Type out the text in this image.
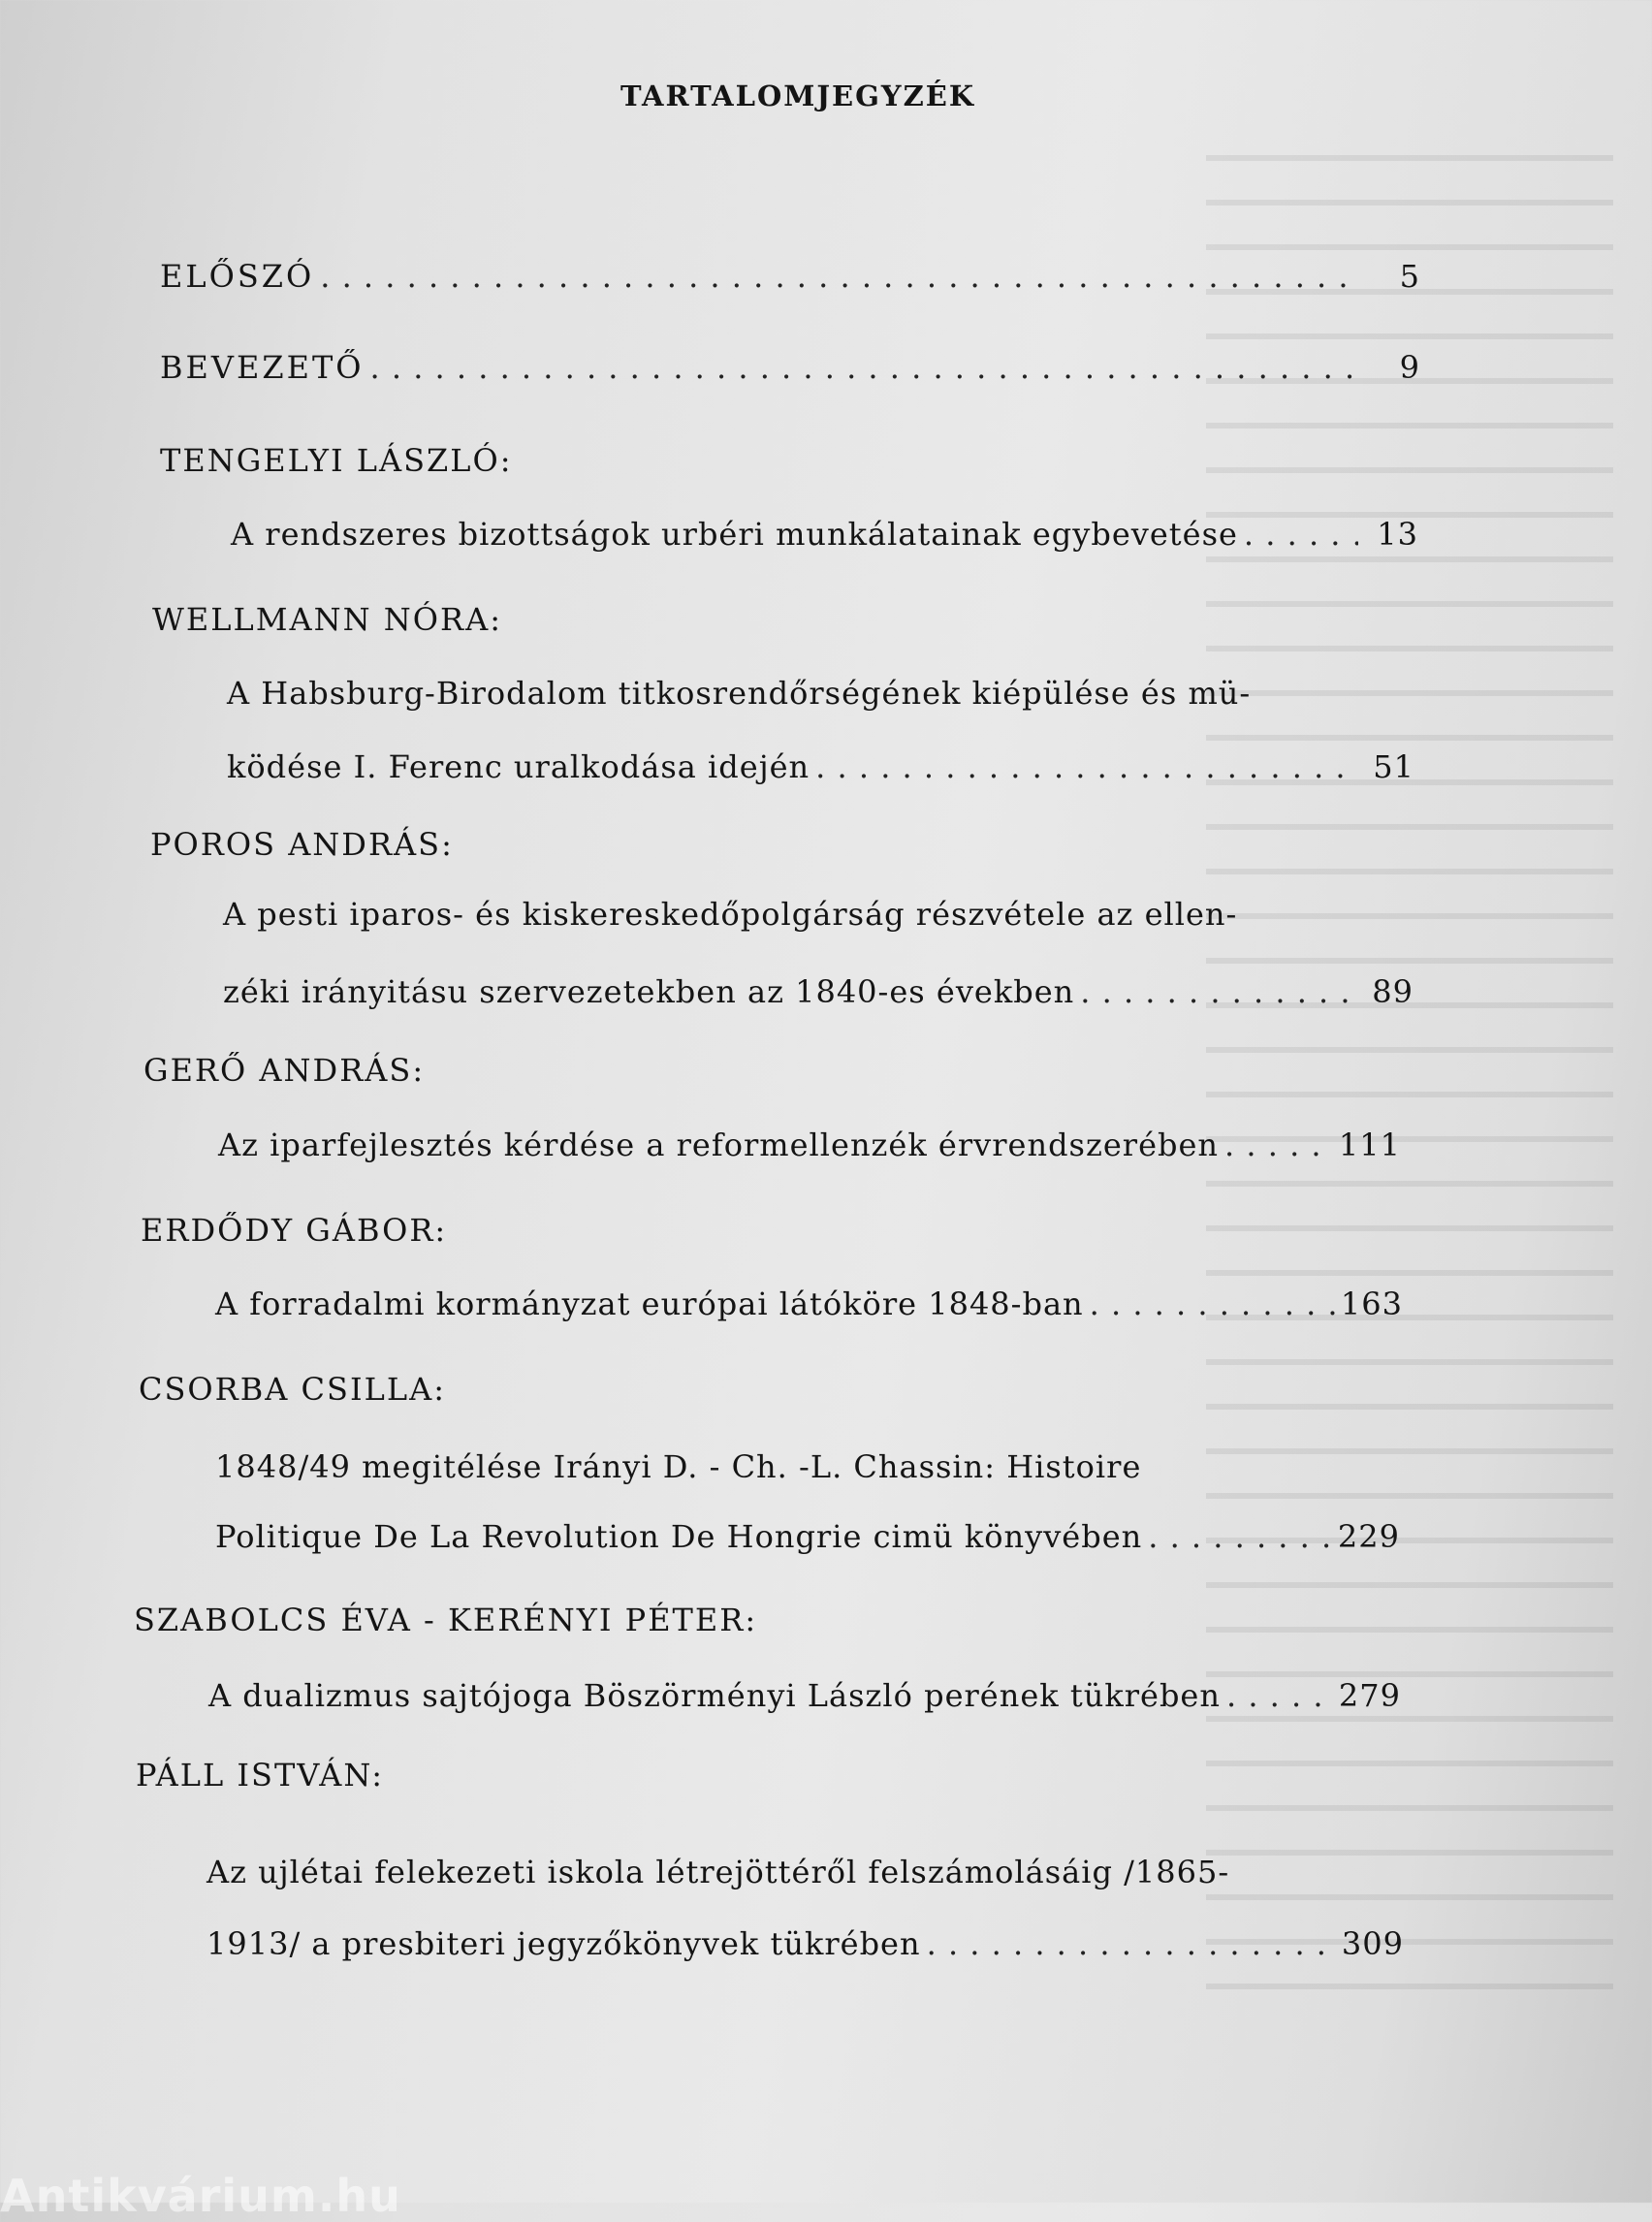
TARTALOMJEGYZÉK
ELŐSZÓ . . .	5
BEVEZETŐ . . .	9
TENGELYI LÁSZLÓ:
A rendszeres bizottságok urbéri munkálatainak egybevetése . . .	13
WELLMANN NÓRA:
A Habsburg-Birodalom titkosrendőrségének kiépülése és mü-
ködése I. Ferenc uralkodása idején . . .	51
POROS ANDRÁS:
A pesti iparos- és kiskereskedőpolgárság részvétele az ellen-
zéki irányitásu szervezetekben az 1840-es években . . .	89
GERŐ ANDRÁS:
Az iparfejlesztés kérdése a reformellenzék érvrendszerében . . .	111
ERDŐDY GÁBOR:
A forradalmi kormányzat európai látóköre 1848-ban . . .	163
CSORBA CSILLA:
1848/49 megitélése Irányi D. - Ch. -L. Chassin: Histoire
Politique De La Revolution De Hongrie cimü könyvében . . .	229
SZABOLCS ÉVA - KERÉNYI PÉTER:
A dualizmus sajtójoga Böszörményi László perének tükrében . . .	279
PÁLL ISTVÁN:
Az ujlétai felekezeti iskola létrejöttéről felszámolásáig /1865-
1913/ a presbiteri jegyzőkönyvek tükrében . . .	309
Antikvárium.hu
